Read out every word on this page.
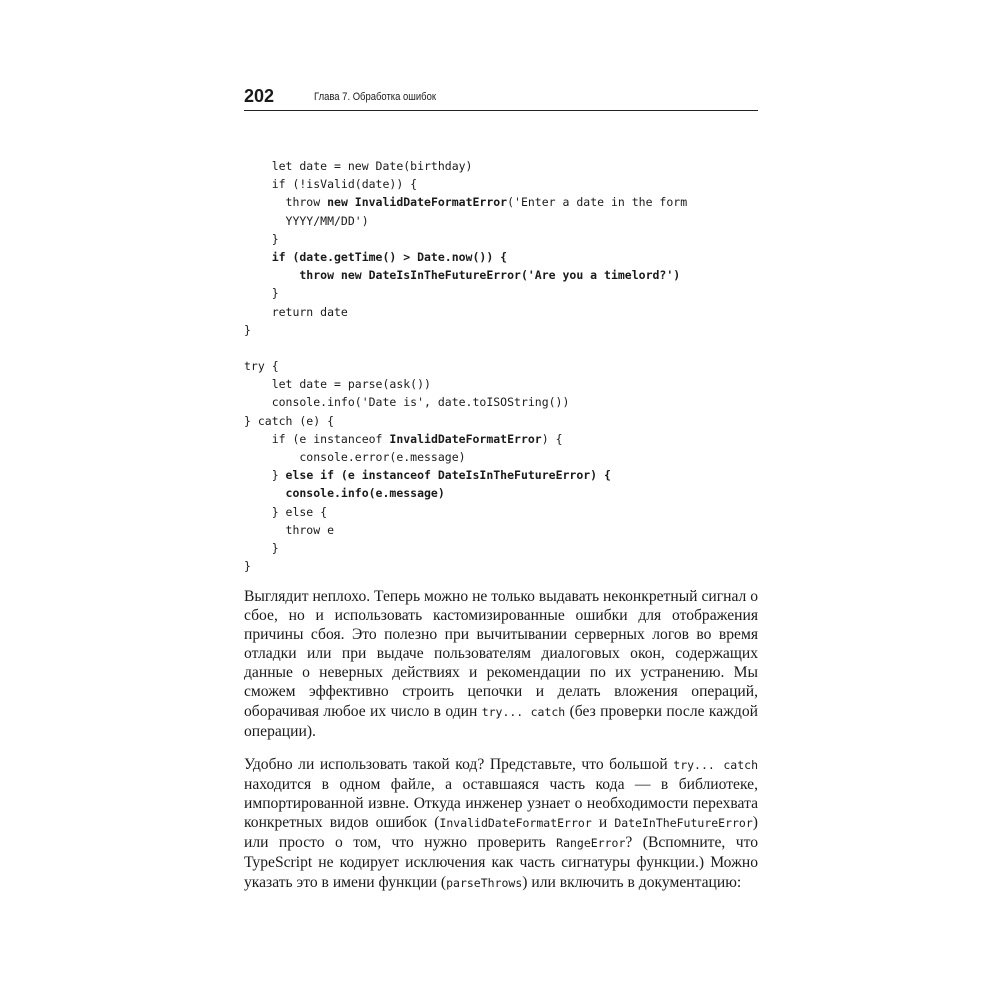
202	Глава 7. Обработка ошибок
let date = new Date(birthday)
if (!isValid(date)) {
throw new InvalidDateFormatError('Enter a date in the form
YYYY/MM/DD')
}
if (date.getTime() > Date.now()) {
throw new DateIsInTheFutureError('Are you a timelord?')
}
return date
}
try {
let date = parse(ask())
console.info('Date is', date.toISOString())
} catch (e) {
if (e instanceof InvalidDateFormatError) {
console.error(e.message)
} else if (e instanceof DateIsInTheFutureError) {
console.info(e.message)
} else {
throw e
}
}

Выглядит неплохо. Теперь можно не только выдавать неконкретный сигнал о сбое, но и использовать кастомизированные ошибки для отображения причины сбоя. Это полезно при вычитывании серверных логов во время отладки или при выдаче пользователям диалоговых окон, содержащих данные о неверных действиях и рекомендации по их устранению. Мы сможем эффективно строить цепочки и делать вложения операций, оборачивая любое их число в один try... catch (без проверки после каждой операции).

Удобно ли использовать такой код? Представьте, что большой try... catch находится в одном файле, а оставшаяся часть кода — в библиотеке, импортированной извне. Откуда инженер узнает о необходимости перехвата конкретных видов ошибок (InvalidDateFormatError и DateInTheFutureError) или просто о том, что нужно проверить RangeError? (Вспомните, что TypeScript не кодирует исключения как часть сигнатуры функции.) Можно указать это в имени функции (parseThrows) или включить в документацию:
